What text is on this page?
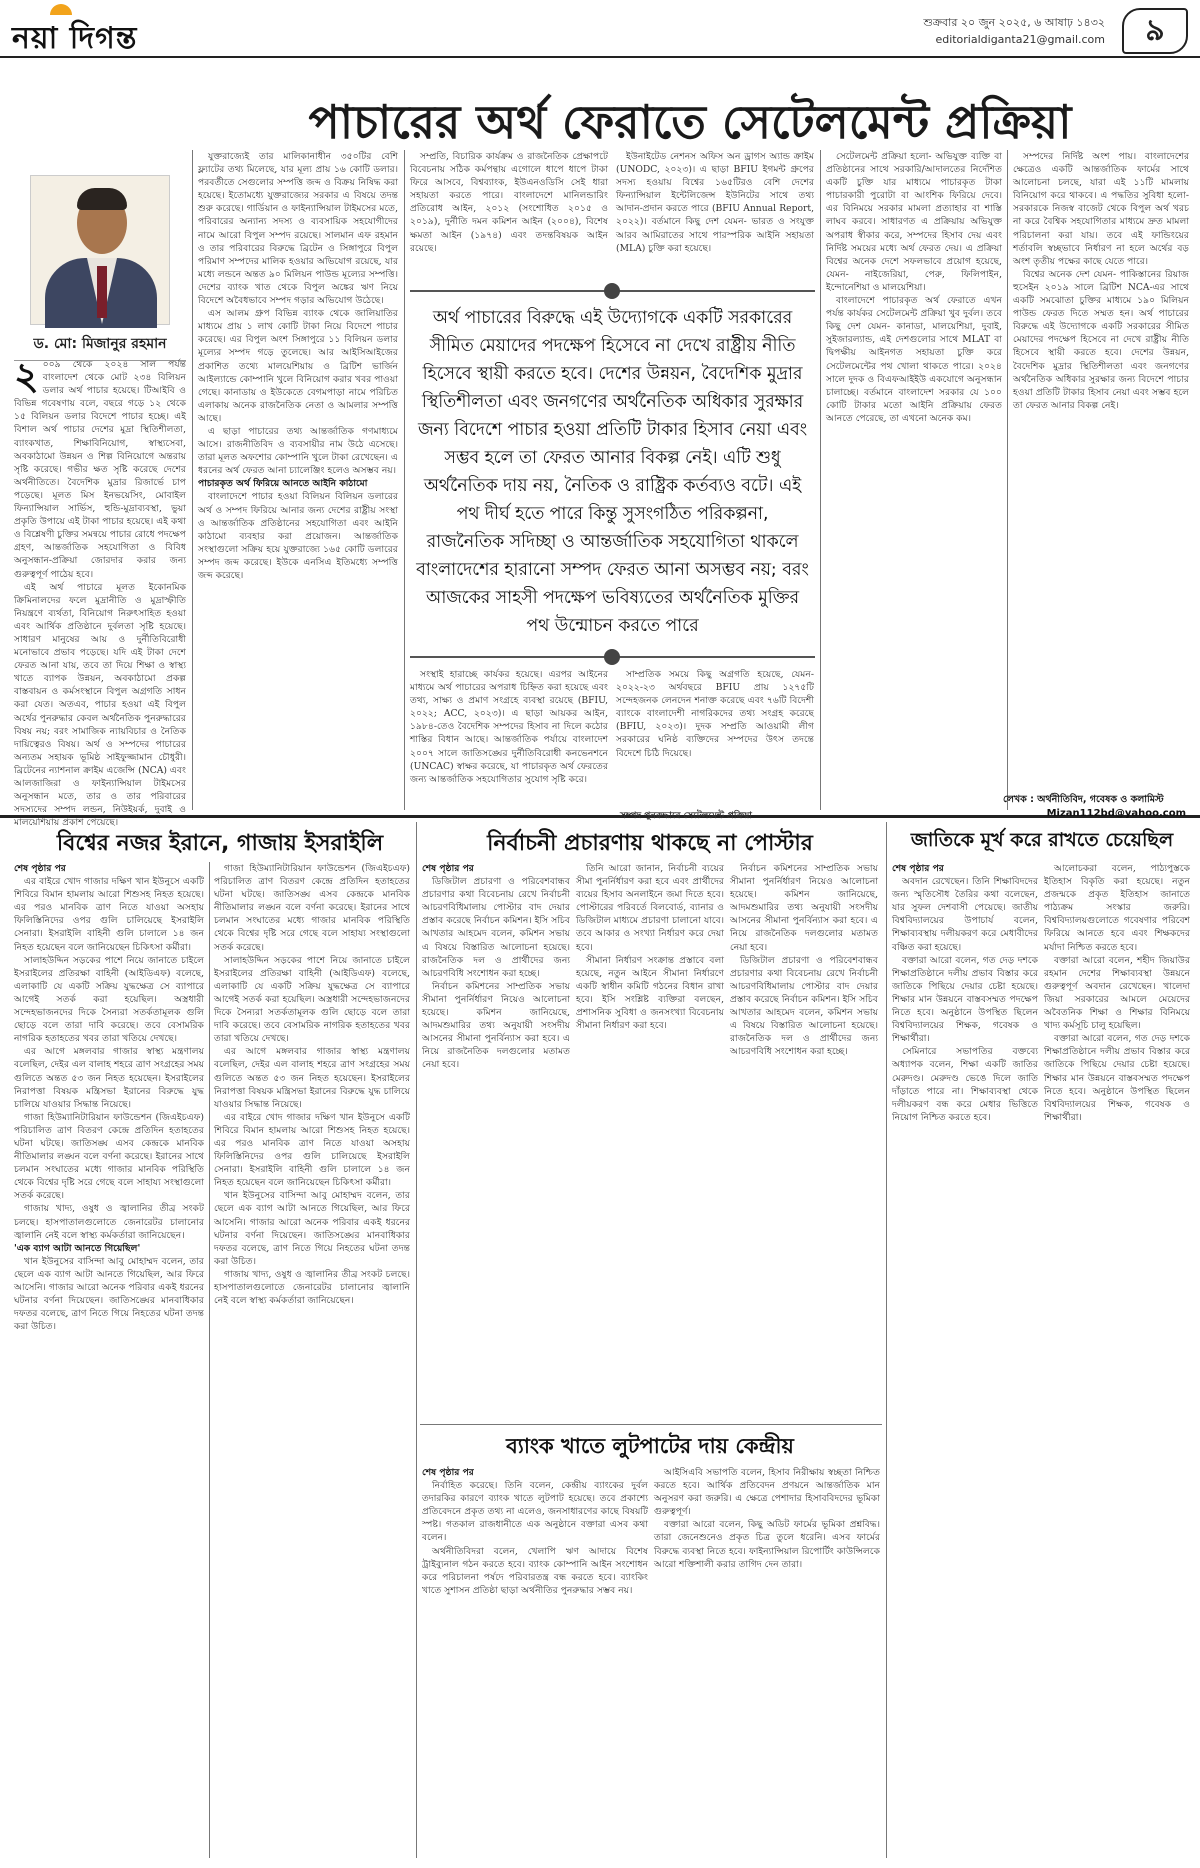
নয়া দিগন্ত	শুক্রবার ২০ জুন ২০২৫, ৬ আষাঢ় ১৪৩২
editorialdiganta21@gmail.com	৯
পাচারের অর্থ ফেরাতে সেটেলমেন্ট প্রক্রিয়া
ড. মো: মিজানুর রহমান
২ ০০৯ থেকে ২০২৪ সাল পর্যন্ত বাংলাদেশ থেকে মোট ২৩৪ বিলিয়ন ডলার অর্থ পাচার হয়েছে। টিআইবি ও বিভিন্ন গবেষণায় বলে, বছরে গড়ে ১২ থেকে ১৫ বিলিয়ন ডলার বিদেশে পাচার হচ্ছে। এই বিশাল অর্থ পাচার দেশের মুদ্রা স্থিতিশীলতা, ব্যাংকখাত, শিক্ষাবিনিয়োগ, স্বাস্থ্যসেবা, অবকাঠামো উন্নয়ন ও শিল্প বিনিয়োগে অন্তরায় সৃষ্টি করেছে। গভীর ক্ষত সৃষ্টি করেছে দেশের অর্থনীতিতে। বৈদেশিক মুদ্রার রিজার্ভে চাপ পড়েছে। মূলত মিস ইনভয়েসিং, মোবাইল ফিন্যান্সিয়াল সার্ভিস, হুন্ডি-মুদ্রাব্যবস্থা, ভুয়া প্রকৃতি উপায়ে এই টাকা পাচার হয়েছে। এই কথা ও বিশ্লেষণী চুক্তির সমন্বয়ে পাচার রোধে পদক্ষেপ গ্রহণ, আন্তর্জাতিক সহযোগিতা ও বিবিধ অনুসন্ধান-প্রক্রিয়া জোরদার করার জন্য গুরুত্বপূর্ণ পাঠেয় হবে।

এই অর্থ পাচারে মূলত ইকোনমিক ক্রিমিনালদের ফলে মুদ্রানীতি ও মুদ্রাস্ফীতি নিয়ন্ত্রণে ব্যর্থতা, বিনিয়োগ নিরুৎসাহিত হওয়া এবং আর্থিক প্রতিষ্ঠানে দুর্বলতা সৃষ্টি হয়েছে। সাধারণ মানুষের আয় ও দুর্নীতিবিরোধী মনোভাবে প্রভাব পড়েছে। যদি এই টাকা দেশে ফেরত আনা যায়, তবে তা দিয়ে শিক্ষা ও স্বাস্থ্য খাতে ব্যাপক উন্নয়ন, অবকাঠামো প্রকল্প বাস্তবায়ন ও কর্মসংস্থানে বিপুল অগ্রগতি সাধন করা যেত। অতএব, পাচার হওয়া এই বিপুল অর্থের পুনরুদ্ধার কেবল অর্থনৈতিক পুনরুদ্ধারের বিষয় নয়; বরং সামাজিক ন্যায়বিচার ও নৈতিক দায়িত্বেরও বিষয়। অর্থ ও সম্পদের পাচারের অন্যতম সহায়ক ভূমিষ্ঠ সাইফুজ্জামান চৌধুরী। ব্রিটেনের ন্যাশনাল ক্রাইম এজেন্সি (NCA) এবং আলজাজিরা ও ফাইন্যান্সিয়াল টাইমসের অনুসন্ধান মতে, তার ও তার পরিবারের সদস্যদের সম্পদ লন্ডন, নিউইয়র্ক, দুবাই ও মালয়েশিয়ায় প্রকাশ পেয়েছে।

যুক্তরাজ্যেই তার মালিকানাধীন ৩৫০টির বেশি ফ্ল্যাটের তথ্য মিলেছে, যার মূল্য প্রায় ১৬ কোটি ডলার। পরবর্তীতে সেগুলোর সম্পত্তি জব্দ ও বিক্রয় নিষিদ্ধ করা হয়েছে। ইতোমধ্যে যুক্তরাজ্যের সরকার এ বিষয়ে তদন্ত শুরু করেছে। গার্ডিয়ান ও ফাইন্যান্সিয়াল টাইমসের মতে, পরিবারের অন্যান্য সদস্য ও ব্যবসায়িক সহযোগীদের নামে আরো বিপুল সম্পদ রয়েছে। সালমান এফ রহমান ও তার পরিবারের বিরুদ্ধে ব্রিটেন ও সিঙ্গাপুরে বিপুল পরিমাণ সম্পদের মালিক হওয়ার অভিযোগ রয়েছে, যার মধ্যে লন্ডনে অন্তত ৯০ মিলিয়ন পাউন্ড মূল্যের সম্পত্তি। দেশের ব্যাংক খাত থেকে বিপুল অঙ্কের ঋণ নিয়ে বিদেশে অবৈধভাবে সম্পদ গড়ার অভিযোগ উঠেছে।

এস আলম গ্রুপ বিভিন্ন ব্যাংক থেকে জালিয়াতির মাধ্যমে প্রায় ১ লাখ কোটি টাকা নিয়ে বিদেশে পাচার করেছে। এর বিপুল অংশ সিঙ্গাপুরে ১১ বিলিয়ন ডলার মূল্যের সম্পদ গড়ে তুলেছে। আর আইসিআইজের প্রকাশিত তথ্যে মালয়েশিয়ায় ও ব্রিটিশ ভার্জিন আইল্যান্ডে কোম্পানি খুলে বিনিয়োগ করার খবর পাওয়া গেছে। কানাডায় ও ইউকেতে বেগমপাড়া নামে পরিচিত এলাকায় অনেক রাজনৈতিক নেতা ও আমলার সম্পত্তি আছে।

এ ছাড়া পাচারের তথ্য আন্তর্জাতিক গণমাধ্যমে আসে। রাজনীতিবিদ ও ব্যবসায়ীর নাম উঠে এসেছে। তারা মূলত অফশোর কোম্পানি খুলে টাকা রেখেছেন। এ ধরনের অর্থ ফেরত আনা চ্যালেঞ্জিং হলেও অসম্ভব নয়।

পাচারকৃত অর্থ ফিরিয়ে আনতে আইনি কাঠামো

বাংলাদেশে পাচার হওয়া বিলিয়ন বিলিয়ন ডলারের অর্থ ও সম্পদ ফিরিয়ে আনার জন্য দেশের রাষ্ট্রীয় সংস্থা ও আন্তর্জাতিক প্রতিষ্ঠানের সহযোগিতা এবং আইনি কাঠামো ব্যবহার করা প্রয়োজন। আন্তর্জাতিক সংস্থাগুলো সক্রিয় হয়ে যুক্তরাজ্যে ১৬৫ কোটি ডলারের সম্পদ জব্দ করেছে। ইউকে এনসিএ ইতিমধ্যে সম্পত্তি জব্দ করেছে।

সম্প্রতি, বিচারিক কার্যক্রম ও রাজনৈতিক প্রেক্ষাপটে বিবেচনায় সঠিক কর্মপন্থায় এগোলে ধাপে ধাপে টাকা ফিরে আসবে, বিশ্বব্যাংক, ইউএনওডিসি সেই ধারা সহায়তা করতে পারে। বাংলাদেশে মানিলন্ডারিং প্রতিরোধ আইন, ২০১২ (সংশোধিত ২০১৫ ও ২০১৯), দুর্নীতি দমন কমিশন আইন (২০০৪), বিশেষ ক্ষমতা আইন (১৯৭৪) এবং তদন্তবিষয়ক আইন রয়েছে।

ইউনাইটেড নেশনস অফিস অন ড্রাগস অ্যান্ড ক্রাইম (UNODC, ২০২৩)। এ ছাড়া BFIU ইগমন্ট গ্রুপের সদস্য হওয়ায় বিশ্বের ১৬৫টিরও বেশি দেশের ফিন্যান্সিয়াল ইন্টেলিজেন্স ইউনিটের সাথে তথ্য আদান-প্রদান করতে পারে (BFIU Annual Report, ২০২২)। বর্তমানে কিছু দেশ যেমন- ভারত ও সংযুক্ত আরব আমিরাতের সাথে পারস্পরিক আইনি সহায়তা (MLA) চুক্তি করা হয়েছে।

অর্থ পাচারের বিরুদ্ধে এই উদ্যোগকে একটি সরকারের সীমিত মেয়াদের পদক্ষেপ হিসেবে না দেখে রাষ্ট্রীয় নীতি হিসেবে স্থায়ী করতে হবে। দেশের উন্নয়ন, বৈদেশিক মুদ্রার স্থিতিশীলতা এবং জনগণের অর্থনৈতিক অধিকার সুরক্ষার জন্য বিদেশে পাচার হওয়া প্রতিটি টাকার হিসাব নেয়া এবং সম্ভব হলে তা ফেরত আনার বিকল্প নেই। এটি শুধু অর্থনৈতিক দায় নয়, নৈতিক ও রাষ্ট্রিক কর্তব্যও বটে। এই পথ দীর্ঘ হতে পারে কিন্তু সুসংগঠিত পরিকল্পনা, রাজনৈতিক সদিচ্ছা ও আন্তর্জাতিক সহযোগিতা থাকলে বাংলাদেশের হারানো সম্পদ ফেরত আনা অসম্ভব নয়; বরং আজকের সাহসী পদক্ষেপ ভবিষ্যতের অর্থনৈতিক মুক্তির পথ উন্মোচন করতে পারে

সংস্থাই হারাচ্ছে কার্যকর হয়েছে। এরপর আইনের মাধ্যমে অর্থ পাচারের অপরাধ চিহ্নিত করা হয়েছে এবং তথ্য, সাক্ষ্য ও প্রমাণ সংগ্রহে ব্যবস্থা রয়েছে (BFIU, ২০২২; ACC, ২০২৩)। এ ছাড়া আয়কর আইন, ১৯৮৪-তেও বৈদেশিক সম্পদের হিসাব না দিলে কঠোর শাস্তির বিধান আছে। আন্তর্জাতিক পর্যায়ে বাংলাদেশ ২০০৭ সালে জাতিসঙ্ঘের দুর্নীতিবিরোধী কনভেনশনে (UNCAC) স্বাক্ষর করেছে, যা পাচারকৃত অর্থ ফেরতের জন্য আন্তর্জাতিক সহযোগিতার সুযোগ সৃষ্টি করে।

সাম্প্রতিক সময়ে কিছু অগ্রগতি হয়েছে, যেমন- ২০২২-২৩ অর্থবছরে BFIU প্রায় ১২৭৫টি সন্দেহজনক লেনদেন শনাক্ত করেছে এবং ৭৬টি বিদেশী ব্যাংকে বাংলাদেশী নাগরিকদের তথ্য সংগ্রহ করেছে (BFIU, ২০২৩)। দুদক সম্প্রতি আওয়ামী লীগ সরকারের ঘনিষ্ঠ ব্যক্তিদের সম্পদের উৎস তদন্তে বিদেশে চিঠি দিয়েছে।

সম্পদ পুনরুদ্ধারে সেটেলমেন্ট প্রক্রিয়া

সেটেলমেন্ট প্রক্রিয়া হলো- অভিযুক্ত ব্যক্তি বা প্রতিষ্ঠানের সাথে সরকারি/আদালতের নির্দেশিত একটি চুক্তি যার মাধ্যমে পাচারকৃত টাকা পাচারকারী পুরোটা বা আংশিক ফিরিয়ে দেবে। এর বিনিময়ে সরকার মামলা প্রত্যাহার বা শাস্তি লাঘব করবে। সাধারণত এ প্রক্রিয়ায় অভিযুক্ত অপরাধ স্বীকার করে, সম্পদের হিসাব দেয় এবং নির্দিষ্ট সময়ের মধ্যে অর্থ ফেরত দেয়। এ প্রক্রিয়া বিশ্বের অনেক দেশে সফলভাবে প্রয়োগ হয়েছে, যেমন- নাইজেরিয়া, পেরু, ফিলিপাইন, ইন্দোনেশিয়া ও মালয়েশিয়া।

বাংলাদেশে পাচারকৃত অর্থ ফেরাতে এখন পর্যন্ত কার্যকর সেটেলমেন্ট প্রক্রিয়া খুব দুর্বল। তবে কিছু দেশ যেমন- কানাডা, মালয়েশিয়া, দুবাই, সুইজারল্যান্ড, এই দেশগুলোর সাথে MLAT বা দ্বিপক্ষীয় আইনগত সহায়তা চুক্তি করে সেটেলমেন্টের পথ খোলা থাকতে পারে। ২০২৪ সালে দুদক ও বিএফআইইউ একযোগে অনুসন্ধান চালাচ্ছে। বর্তমানে বাংলাদেশ সরকার যে ১০০ কোটি টাকার মতো আইনি প্রক্রিয়ায় ফেরত আনতে পেরেছে, তা এখনো অনেক কম।

সম্পদের নির্দিষ্ট অংশ পায়। বাংলাদেশের ক্ষেত্রেও একটি আন্তর্জাতিক ফার্মের সাথে আলোচনা চলছে, যারা এই ১১টি মামলায় বিনিয়োগ করে থাকবে। এ পদ্ধতির সুবিধা হলো- সরকারকে নিজস্ব বাজেট থেকে বিপুল অর্থ খরচ না করে বৈশ্বিক সহযোগিতার মাধ্যমে দ্রুত মামলা পরিচালনা করা যায়। তবে এই ফান্ডিংয়ের শর্তাবলি স্বচ্ছভাবে নির্ধারণ না হলে অর্থের বড় অংশ তৃতীয় পক্ষের কাছে যেতে পারে।

বিশ্বের অনেক দেশ যেমন- পাকিস্তানের রিয়াজ হুসেইন ২০১৯ সালে ব্রিটিশ NCA-এর সাথে একটি সমঝোতা চুক্তির মাধ্যমে ১৯০ মিলিয়ন পাউন্ড ফেরত দিতে সম্মত হন। অর্থ পাচারের বিরুদ্ধে এই উদ্যোগকে একটি সরকারের সীমিত মেয়াদের পদক্ষেপ হিসেবে না দেখে রাষ্ট্রীয় নীতি হিসেবে স্থায়ী করতে হবে। দেশের উন্নয়ন, বৈদেশিক মুদ্রার স্থিতিশীলতা এবং জনগণের অর্থনৈতিক অধিকার সুরক্ষার জন্য বিদেশে পাচার হওয়া প্রতিটি টাকার হিসাব নেয়া এবং সম্ভব হলে তা ফেরত আনার বিকল্প নেই।

লেখক : অর্থনীতিবিদ, গবেষক ও কলামিস্ট
Mizan112bd@yahoo.com
বিশ্বের নজর ইরানে, গাজায় ইসরাইলি

শেষ পৃষ্ঠার পর

এর বাইরে খোদ গাজার দক্ষিণ খান ইউনুসে একটি শিবিরে বিমান হামলায় আরো শিশুসহ নিহত হয়েছে। এর পরও মানবিক ত্রাণ নিতে যাওয়া অসহায় ফিলিস্তিনিদের ওপর গুলি চালিয়েছে ইসরাইলি সেনারা। ইসরাইলি বাহিনী গুলি চালালে ১৪ জন নিহত হয়েছেন বলে জানিয়েছেন চিকিৎসা কর্মীরা।

সালাহউদ্দিন সড়কের পাশে নিয়ে জানাতে চাইলে ইসরাইলের প্রতিরক্ষা বাহিনী (আইডিএফ) বলেছে, এলাকাটি যে একটি সক্রিয় যুদ্ধক্ষেত্র সে ব্যাপারে আগেই সতর্ক করা হয়েছিল। অস্ত্রধারী সন্দেহভাজনদের দিকে সৈন্যরা সতর্কতামূলক গুলি ছোড়ে বলে তারা দাবি করেছে। তবে বেসামরিক নাগরিক হতাহতের খবর তারা খতিয়ে দেখছে।

এর আগে মঙ্গলবার গাজার স্বাস্থ্য মন্ত্রণালয় বলেছিল, দেইর এল বালাহ শহরে ত্রাণ সংগ্রহের সময় গুলিতে অন্তত ৫৩ জন নিহত হয়েছেন। ইসরাইলের নিরাপত্তা বিষয়ক মন্ত্রিসভা ইরানের বিরুদ্ধে যুদ্ধ চালিয়ে যাওয়ার সিদ্ধান্ত নিয়েছে।

গাজা হিউম্যানিটারিয়ান ফাউন্ডেশন (জিএইচএফ) পরিচালিত ত্রাণ বিতরণ কেন্দ্রে প্রতিদিন হতাহতের ঘটনা ঘটছে। জাতিসঙ্ঘ এসব কেন্দ্রকে মানবিক নীতিমালার লঙ্ঘন বলে বর্ণনা করেছে। ইরানের সাথে চলমান সংঘাতের মধ্যে গাজার মানবিক পরিস্থিতি থেকে বিশ্বের দৃষ্টি সরে গেছে বলে সাহায্য সংস্থাগুলো সতর্ক করেছে।

গাজায় খাদ্য, ওষুধ ও জ্বালানির তীব্র সংকট চলছে। হাসপাতালগুলোতে জেনারেটর চালানোর জ্বালানি নেই বলে স্বাস্থ্য কর্মকর্তারা জানিয়েছেন।

'এক ব্যাগ আটা আনতে গিয়েছিল'

খান ইউনুসের বাসিন্দা আবু মোহাম্মদ বলেন, তার ছেলে এক ব্যাগ আটা আনতে গিয়েছিল, আর ফিরে আসেনি। গাজার আরো অনেক পরিবার একই ধরনের ঘটনার বর্ণনা দিয়েছেন। জাতিসঙ্ঘের মানবাধিকার দফতর বলেছে, ত্রাণ নিতে গিয়ে নিহতের ঘটনা তদন্ত করা উচিত।

গাজা হিউম্যানিটারিয়ান ফাউন্ডেশন (জিএইচএফ) পরিচালিত ত্রাণ বিতরণ কেন্দ্রে প্রতিদিন হতাহতের ঘটনা ঘটছে। জাতিসঙ্ঘ এসব কেন্দ্রকে মানবিক নীতিমালার লঙ্ঘন বলে বর্ণনা করেছে। ইরানের সাথে চলমান সংঘাতের মধ্যে গাজার মানবিক পরিস্থিতি থেকে বিশ্বের দৃষ্টি সরে গেছে বলে সাহায্য সংস্থাগুলো সতর্ক করেছে।

সালাহউদ্দিন সড়কের পাশে নিয়ে জানাতে চাইলে ইসরাইলের প্রতিরক্ষা বাহিনী (আইডিএফ) বলেছে, এলাকাটি যে একটি সক্রিয় যুদ্ধক্ষেত্র সে ব্যাপারে আগেই সতর্ক করা হয়েছিল। অস্ত্রধারী সন্দেহভাজনদের দিকে সৈন্যরা সতর্কতামূলক গুলি ছোড়ে বলে তারা দাবি করেছে। তবে বেসামরিক নাগরিক হতাহতের খবর তারা খতিয়ে দেখছে।

এর আগে মঙ্গলবার গাজার স্বাস্থ্য মন্ত্রণালয় বলেছিল, দেইর এল বালাহ শহরে ত্রাণ সংগ্রহের সময় গুলিতে অন্তত ৫৩ জন নিহত হয়েছেন। ইসরাইলের নিরাপত্তা বিষয়ক মন্ত্রিসভা ইরানের বিরুদ্ধে যুদ্ধ চালিয়ে যাওয়ার সিদ্ধান্ত নিয়েছে।

এর বাইরে খোদ গাজার দক্ষিণ খান ইউনুসে একটি শিবিরে বিমান হামলায় আরো শিশুসহ নিহত হয়েছে। এর পরও মানবিক ত্রাণ নিতে যাওয়া অসহায় ফিলিস্তিনিদের ওপর গুলি চালিয়েছে ইসরাইলি সেনারা। ইসরাইলি বাহিনী গুলি চালালে ১৪ জন নিহত হয়েছেন বলে জানিয়েছেন চিকিৎসা কর্মীরা।

খান ইউনুসের বাসিন্দা আবু মোহাম্মদ বলেন, তার ছেলে এক ব্যাগ আটা আনতে গিয়েছিল, আর ফিরে আসেনি। গাজার আরো অনেক পরিবার একই ধরনের ঘটনার বর্ণনা দিয়েছেন। জাতিসঙ্ঘের মানবাধিকার দফতর বলেছে, ত্রাণ নিতে গিয়ে নিহতের ঘটনা তদন্ত করা উচিত।

গাজায় খাদ্য, ওষুধ ও জ্বালানির তীব্র সংকট চলছে। হাসপাতালগুলোতে জেনারেটর চালানোর জ্বালানি নেই বলে স্বাস্থ্য কর্মকর্তারা জানিয়েছেন।

নির্বাচনী প্রচারণায় থাকছে না পোস্টার

শেষ পৃষ্ঠার পর

ডিজিটাল প্রচারণা ও পরিবেশবান্ধব প্রচারণার কথা বিবেচনায় রেখে নির্বাচনী আচরণবিধিমালায় পোস্টার বাদ দেয়ার প্রস্তাব করেছে নির্বাচন কমিশন। ইসি সচিব আখতার আহমেদ বলেন, কমিশন সভায় এ বিষয়ে বিস্তারিত আলোচনা হয়েছে। রাজনৈতিক দল ও প্রার্থীদের জন্য আচরণবিধি সংশোধন করা হচ্ছে।

নির্বাচন কমিশনের সাম্প্রতিক সভায় সীমানা পুনর্নির্ধারণ নিয়েও আলোচনা হয়েছে। কমিশন জানিয়েছে, আদমশুমারির তথ্য অনুযায়ী সংসদীয় আসনের সীমানা পুনর্বিন্যাস করা হবে। এ নিয়ে রাজনৈতিক দলগুলোর মতামত নেয়া হবে।

তিনি আরো জানান, নির্বাচনী ব্যয়ের সীমা পুনর্নির্ধারণ করা হবে এবং প্রার্থীদের ব্যয়ের হিসাব অনলাইনে জমা দিতে হবে। পোস্টারের পরিবর্তে বিলবোর্ড, ব্যানার ও ডিজিটাল মাধ্যমে প্রচারণা চালানো যাবে। তবে আকার ও সংখ্যা নির্ধারণ করে দেয়া হবে।

সীমানা নির্ধারণ সংক্রান্ত প্রস্তাবে বলা হয়েছে, নতুন আইনে সীমানা নির্ধারণে একটি স্বাধীন কমিটি গঠনের বিধান রাখা হবে। ইসি সংশ্লিষ্ট ব্যক্তিরা বলছেন, প্রশাসনিক সুবিধা ও জনসংখ্যা বিবেচনায় সীমানা নির্ধারণ করা হবে।

নির্বাচন কমিশনের সাম্প্রতিক সভায় সীমানা পুনর্নির্ধারণ নিয়েও আলোচনা হয়েছে। কমিশন জানিয়েছে, আদমশুমারির তথ্য অনুযায়ী সংসদীয় আসনের সীমানা পুনর্বিন্যাস করা হবে। এ নিয়ে রাজনৈতিক দলগুলোর মতামত নেয়া হবে।

ডিজিটাল প্রচারণা ও পরিবেশবান্ধব প্রচারণার কথা বিবেচনায় রেখে নির্বাচনী আচরণবিধিমালায় পোস্টার বাদ দেয়ার প্রস্তাব করেছে নির্বাচন কমিশন। ইসি সচিব আখতার আহমেদ বলেন, কমিশন সভায় এ বিষয়ে বিস্তারিত আলোচনা হয়েছে। রাজনৈতিক দল ও প্রার্থীদের জন্য আচরণবিধি সংশোধন করা হচ্ছে।

ব্যাংক খাতে লুটপাটের দায় কেন্দ্রীয়

শেষ পৃষ্ঠার পর

নির্বাহিত করেছে। তিনি বলেন, কেন্দ্রীয় ব্যাংকের দুর্বল তদারকির কারণে ব্যাংক খাতে লুটপাট হয়েছে। তবে প্রকাশ্যে প্রতিবেদনে প্রকৃত তথ্য না এলেও, জনসাধারণের কাছে বিষয়টি স্পষ্ট। গতকাল রাজধানীতে এক অনুষ্ঠানে বক্তারা এসব কথা বলেন।

অর্থনীতিবিদরা বলেন, খেলাপি ঋণ আদায়ে বিশেষ ট্রাইব্যুনাল গঠন করতে হবে। ব্যাংক কোম্পানি আইন সংশোধন করে পরিচালনা পর্ষদে পরিবারতন্ত্র বন্ধ করতে হবে। ব্যাংকিং খাতে সুশাসন প্রতিষ্ঠা ছাড়া অর্থনীতির পুনরুদ্ধার সম্ভব নয়।

আইসিএবি সভাপতি বলেন, হিসাব নিরীক্ষায় স্বচ্ছতা নিশ্চিত করতে হবে। আর্থিক প্রতিবেদন প্রণয়নে আন্তর্জাতিক মান অনুসরণ করা জরুরি। এ ক্ষেত্রে পেশাদার হিসাববিদদের ভূমিকা গুরুত্বপূর্ণ।

বক্তারা আরো বলেন, কিছু অডিট ফার্মের ভূমিকা প্রশ্নবিদ্ধ। তারা জেনেশুনেও প্রকৃত চিত্র তুলে ধরেনি। এসব ফার্মের বিরুদ্ধে ব্যবস্থা নিতে হবে। ফাইন্যান্সিয়াল রিপোর্টিং কাউন্সিলকে আরো শক্তিশালী করার তাগিদ দেন তারা।

জাতিকে মূর্খ করে রাখতে চেয়েছিল

শেষ পৃষ্ঠার পর

অবদান রেখেছেন। তিনি শিক্ষাবিদদের জন্য স্মৃতিসৌধ তৈরির কথা বলেছেন, যার সুফল দেশবাসী পেয়েছে। জাতীয় বিশ্ববিদ্যালয়ের উপাচার্য বলেন, শিক্ষাব্যবস্থায় দলীয়করণ করে মেধাবীদের বঞ্চিত করা হয়েছে।

বক্তারা আরো বলেন, গত দেড় দশকে শিক্ষাপ্রতিষ্ঠানে দলীয় প্রভাব বিস্তার করে জাতিকে পিছিয়ে দেয়ার চেষ্টা হয়েছে। শিক্ষার মান উন্নয়নে বাস্তবসম্মত পদক্ষেপ নিতে হবে। অনুষ্ঠানে উপস্থিত ছিলেন বিশ্ববিদ্যালয়ের শিক্ষক, গবেষক ও শিক্ষার্থীরা।

সেমিনারে সভাপতির বক্তব্যে অধ্যাপক বলেন, শিক্ষা একটি জাতির মেরুদণ্ড। মেরুদণ্ড ভেঙে দিলে জাতি দাঁড়াতে পারে না। শিক্ষাব্যবস্থা থেকে দলীয়করণ বন্ধ করে মেধার ভিত্তিতে নিয়োগ নিশ্চিত করতে হবে।

আলোচকরা বলেন, পাঠ্যপুস্তকে ইতিহাস বিকৃতি করা হয়েছে। নতুন প্রজন্মকে প্রকৃত ইতিহাস জানাতে পাঠ্যক্রম সংস্কার জরুরি। বিশ্ববিদ্যালয়গুলোতে গবেষণার পরিবেশ ফিরিয়ে আনতে হবে এবং শিক্ষকদের মর্যাদা নিশ্চিত করতে হবে।

বক্তারা আরো বলেন, শহীদ জিয়াউর রহমান দেশের শিক্ষাব্যবস্থা উন্নয়নে গুরুত্বপূর্ণ অবদান রেখেছেন। খালেদা জিয়া সরকারের আমলে মেয়েদের অবৈতনিক শিক্ষা ও শিক্ষার বিনিময়ে খাদ্য কর্মসূচি চালু হয়েছিল।

বক্তারা আরো বলেন, গত দেড় দশকে শিক্ষাপ্রতিষ্ঠানে দলীয় প্রভাব বিস্তার করে জাতিকে পিছিয়ে দেয়ার চেষ্টা হয়েছে। শিক্ষার মান উন্নয়নে বাস্তবসম্মত পদক্ষেপ নিতে হবে। অনুষ্ঠানে উপস্থিত ছিলেন বিশ্ববিদ্যালয়ের শিক্ষক, গবেষক ও শিক্ষার্থীরা।
